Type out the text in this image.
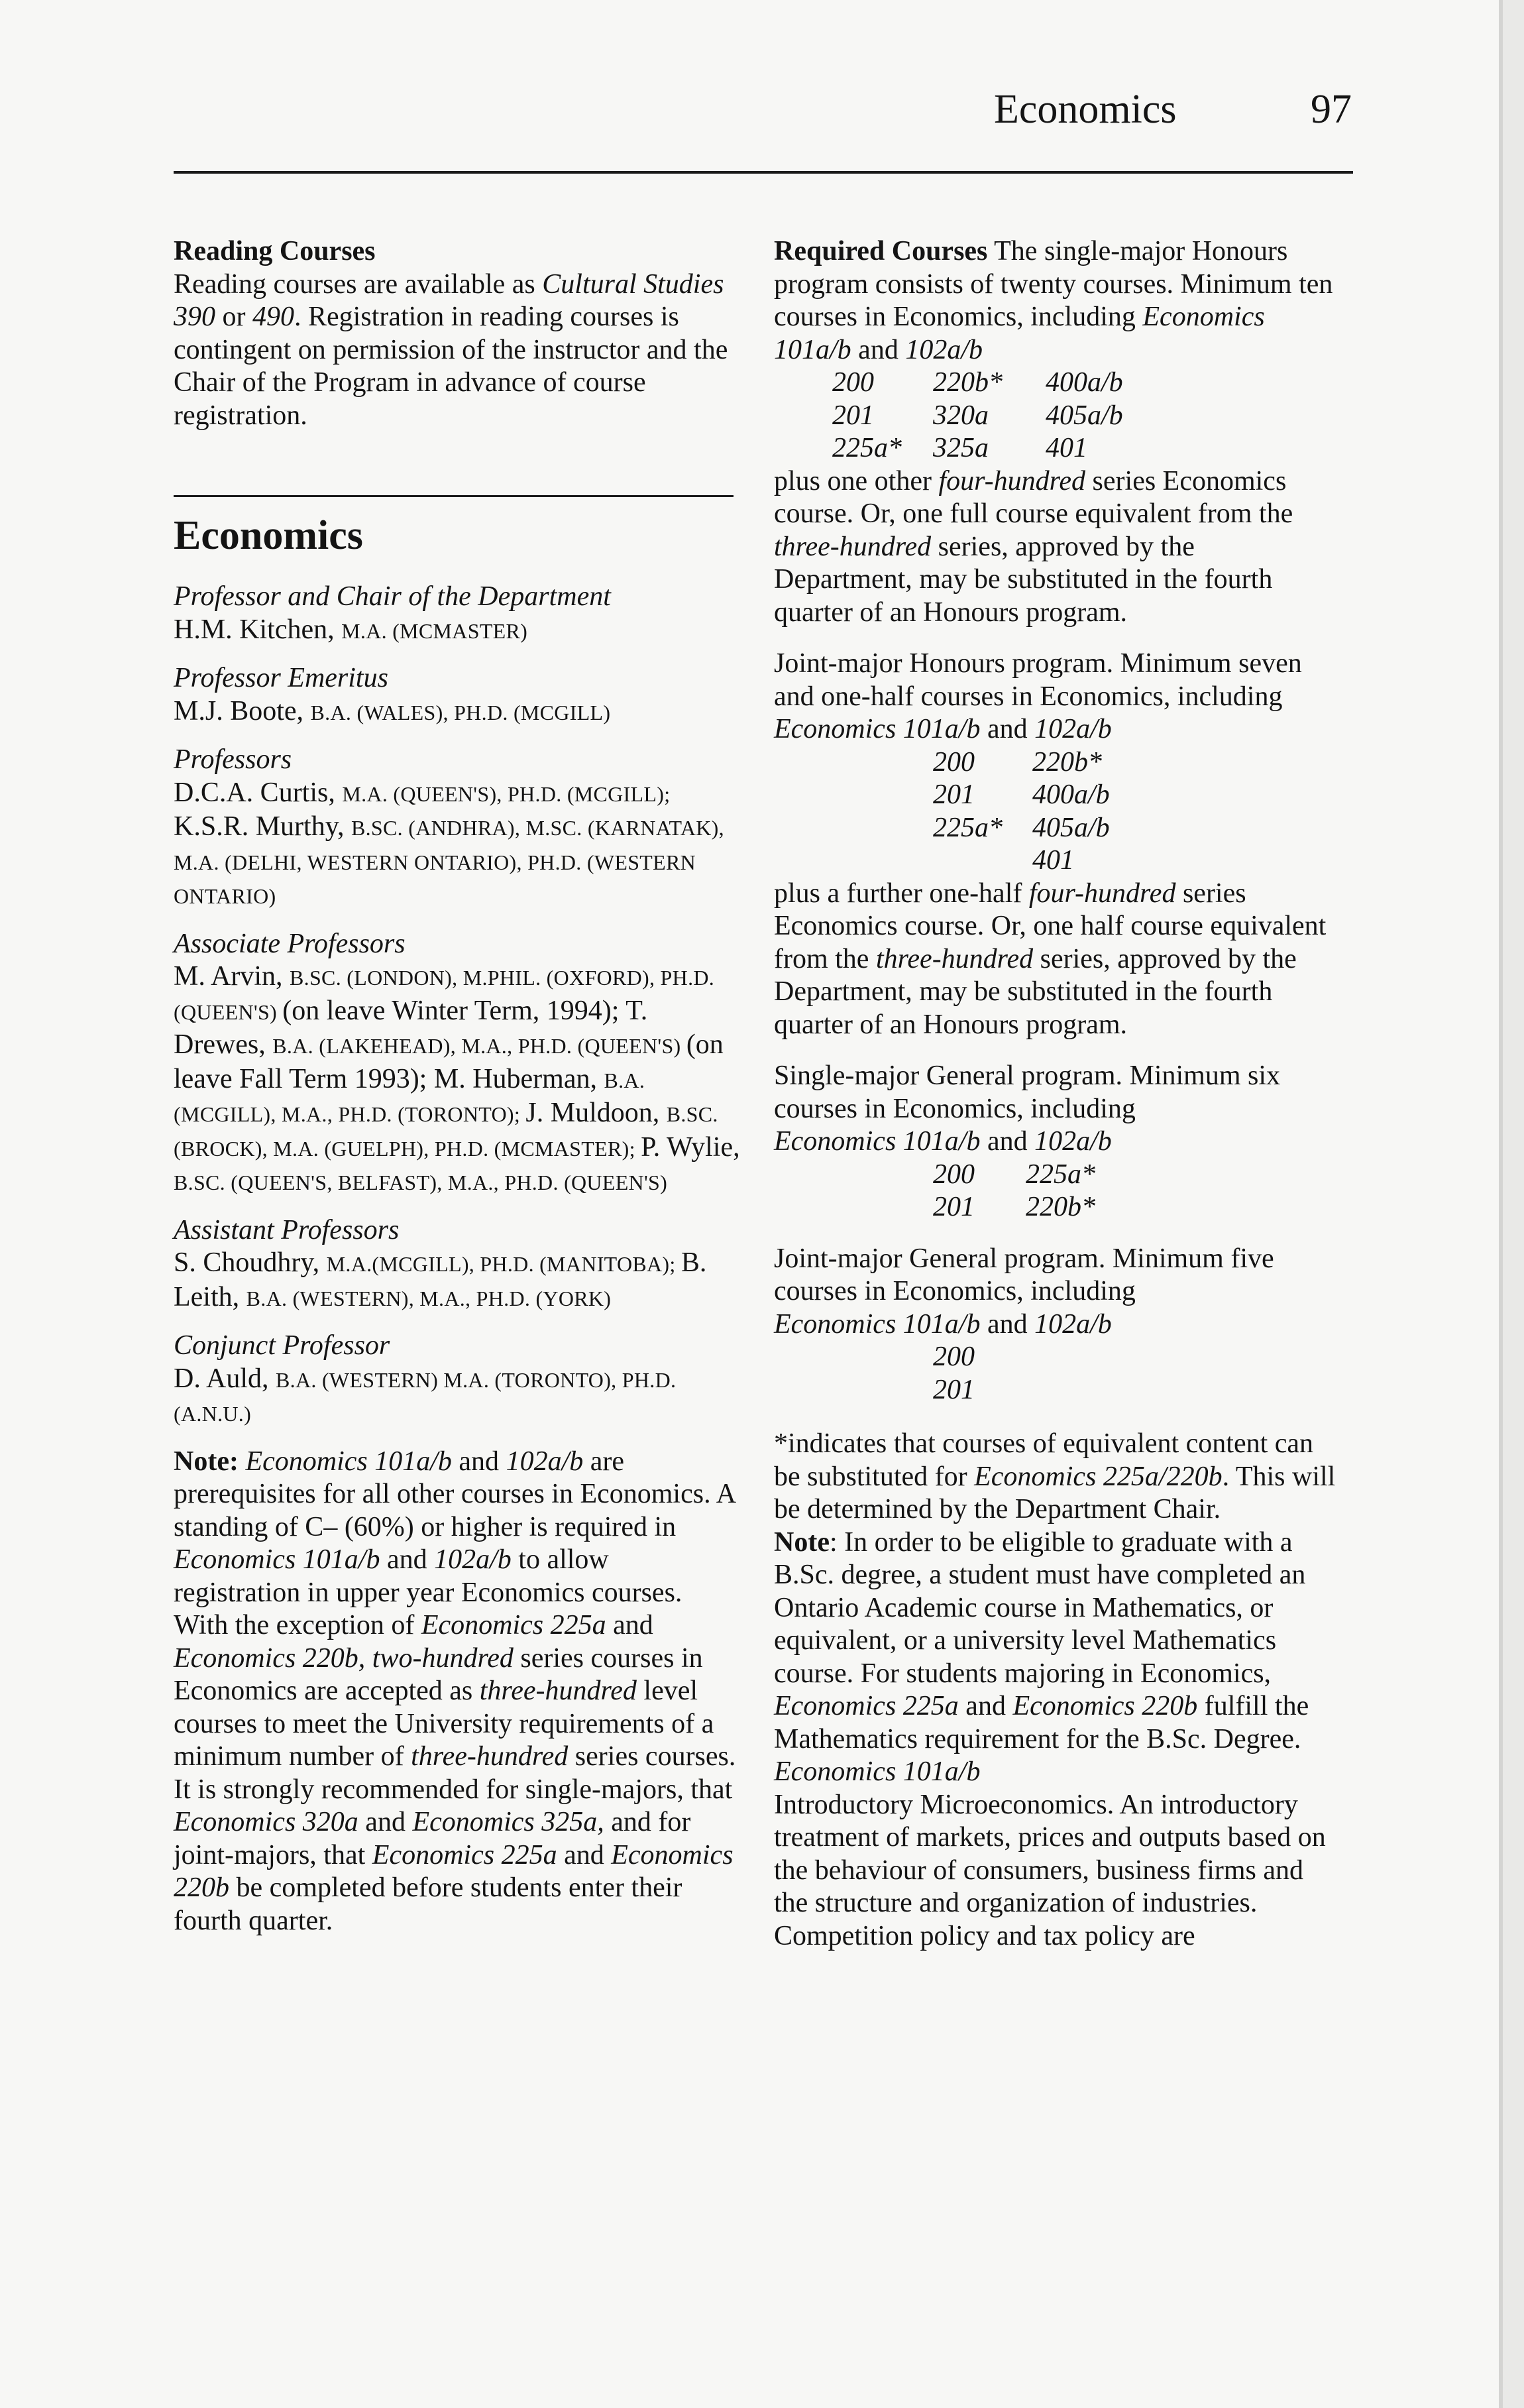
Economics	97

Reading Courses

Reading courses are available as Cultural Studies 390 or 490. Registration in reading courses is contingent on permission of the instructor and the Chair of the Program in advance of course registration.

Economics

Professor and Chair of the Department

H.M. Kitchen, M.A. (MCMASTER)

Professor Emeritus

M.J. Boote, B.A. (WALES), PH.D. (MCGILL)

Professors

D.C.A. Curtis, M.A. (QUEEN'S), PH.D. (MCGILL); K.S.R. Murthy, B.SC. (ANDHRA), M.SC. (KARNATAK), M.A. (DELHI, WESTERN ONTARIO), PH.D. (WESTERN ONTARIO)

Associate Professors

M. Arvin, B.SC. (LONDON), M.PHIL. (OXFORD), PH.D. (QUEEN'S) (on leave Winter Term, 1994); T. Drewes, B.A. (LAKEHEAD), M.A., PH.D. (QUEEN'S) (on leave Fall Term 1993); M. Huberman, B.A. (MCGILL), M.A., PH.D. (TORONTO); J. Muldoon, B.SC. (BROCK), M.A. (GUELPH), PH.D. (MCMASTER); P. Wylie, B.SC. (QUEEN'S, BELFAST), M.A., PH.D. (QUEEN'S)

Assistant Professors

S. Choudhry, M.A.(MCGILL), PH.D. (MANITOBA); B. Leith, B.A. (WESTERN), M.A., PH.D. (YORK)

Conjunct Professor

D. Auld, B.A. (WESTERN) M.A. (TORONTO), PH.D. (A.N.U.)

Note: Economics 101a/b and 102a/b are prerequisites for all other courses in Economics. A standing of C– (60%) or higher is required in Economics 101a/b and 102a/b to allow registration in upper year Economics courses. With the exception of Economics 225a and Economics 220b, two-hundred series courses in Economics are accepted as three-hundred level courses to meet the University requirements of a minimum number of three-hundred series courses.

It is strongly recommended for single-majors, that Economics 320a and Economics 325a, and for joint-majors, that Economics 225a and Economics 220b be completed before students enter their fourth quarter.

Required Courses The single-major Honours program consists of twenty courses. Minimum ten courses in Economics, including Economics 101a/b and 102a/b

200 220b* 400a/b
201 320a 405a/b
225a* 325a 401

plus one other four-hundred series Economics course. Or, one full course equivalent from the three-hundred series, approved by the Department, may be substituted in the fourth quarter of an Honours program.

Joint-major Honours program. Minimum seven and one-half courses in Economics, including

Economics 101a/b and 102a/b

200 220b*
201 400a/b
225a* 405a/b
401

plus a further one-half four-hundred series Economics course. Or, one half course equivalent from the three-hundred series, approved by the Department, may be substituted in the fourth quarter of an Honours program.

Single-major General program. Minimum six courses in Economics, including

Economics 101a/b and 102a/b

200 225a*
201 220b*

Joint-major General program. Minimum five courses in Economics, including

Economics 101a/b and 102a/b

200
201

*indicates that courses of equivalent content can be substituted for Economics 225a/220b. This will be determined by the Department Chair.

Note: In order to be eligible to graduate with a B.Sc. degree, a student must have completed an Ontario Academic course in Mathematics, or equivalent, or a university level Mathematics course. For students majoring in Economics, Economics 225a and Economics 220b fulfill the Mathematics requirement for the B.Sc. Degree.

Economics 101a/b

Introductory Microeconomics. An introductory treatment of markets, prices and outputs based on the behaviour of consumers, business firms and the structure and organization of industries. Competition policy and tax policy are
